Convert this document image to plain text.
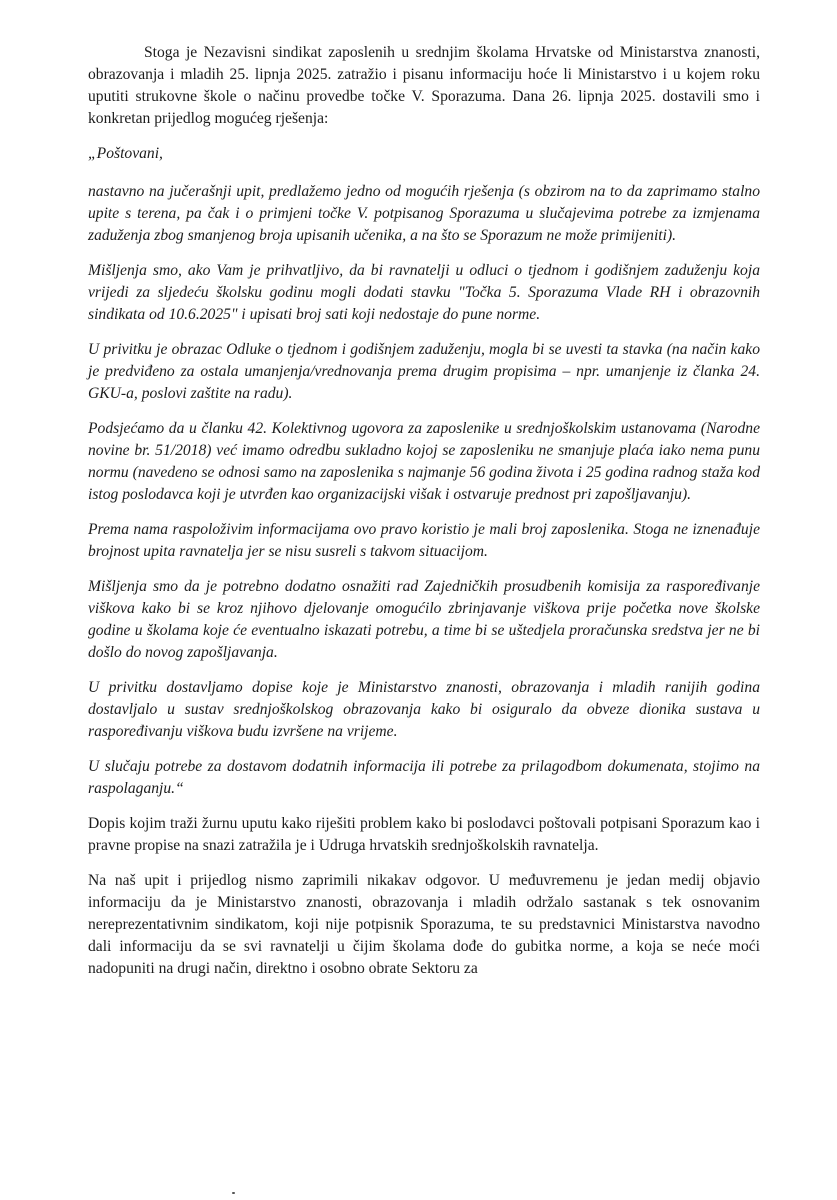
Stoga je Nezavisni sindikat zaposlenih u srednjim školama Hrvatske od Ministarstva znanosti, obrazovanja i mladih 25. lipnja 2025. zatražio i pisanu informaciju hoće li Ministarstvo i u kojem roku uputiti strukovne škole o načinu provedbe točke V. Sporazuma. Dana 26. lipnja 2025. dostavili smo i konkretan prijedlog mogućeg rješenja:

„Poštovani,

nastavno na jučerašnji upit, predlažemo jedno od mogućih rješenja (s obzirom na to da zaprimamo stalno upite s terena, pa čak i o primjeni točke V. potpisanog Sporazuma u slučajevima potrebe za izmjenama zaduženja zbog smanjenog broja upisanih učenika, a na što se Sporazum ne može primijeniti).

Mišljenja smo, ako Vam je prihvatljivo, da bi ravnatelji u odluci o tjednom i godišnjem zaduženju koja vrijedi za sljedeću školsku godinu mogli dodati stavku "Točka 5. Sporazuma Vlade RH i obrazovnih sindikata od 10.6.2025" i upisati broj sati koji nedostaje do pune norme.

U privitku je obrazac Odluke o tjednom i godišnjem zaduženju, mogla bi se uvesti ta stavka (na način kako je predviđeno za ostala umanjenja/vrednovanja prema drugim propisima – npr. umanjenje iz članka 24. GKU-a, poslovi zaštite na radu).

Podsjećamo da u članku 42. Kolektivnog ugovora za zaposlenike u srednjoškolskim ustanovama (Narodne novine br. 51/2018) već imamo odredbu sukladno kojoj se zaposleniku ne smanjuje plaća iako nema punu normu (navedeno se odnosi samo na zaposlenika s najmanje 56 godina života i 25 godina radnog staža kod istog poslodavca koji je utvrđen kao organizacijski višak i ostvaruje prednost pri zapošljavanju).

Prema nama raspoloživim informacijama ovo pravo koristio je mali broj zaposlenika. Stoga ne iznenađuje brojnost upita ravnatelja jer se nisu susreli s takvom situacijom.

Mišljenja smo da je potrebno dodatno osnažiti rad Zajedničkih prosudbenih komisija za raspoređivanje viškova kako bi se kroz njihovo djelovanje omogućilo zbrinjavanje viškova prije početka nove školske godine u školama koje će eventualno iskazati potrebu, a time bi se uštedjela proračunska sredstva jer ne bi došlo do novog zapošljavanja.

U privitku dostavljamo dopise koje je Ministarstvo znanosti, obrazovanja i mladih ranijih godina dostavljalo u sustav srednjoškolskog obrazovanja kako bi osiguralo da obveze dionika sustava u raspoređivanju viškova budu izvršene na vrijeme.

U slučaju potrebe za dostavom dodatnih informacija ili potrebe za prilagodbom dokumenata, stojimo na raspolaganju.“

Dopis kojim traži žurnu uputu kako riješiti problem kako bi poslodavci poštovali potpisani Sporazum kao i pravne propise na snazi zatražila je i Udruga hrvatskih srednjoškolskih ravnatelja.

Na naš upit i prijedlog nismo zaprimili nikakav odgovor. U međuvremenu je jedan medij objavio informaciju da je Ministarstvo znanosti, obrazovanja i mladih održalo sastanak s tek osnovanim nereprezentativnim sindikatom, koji nije potpisnik Sporazuma, te su predstavnici Ministarstva navodno dali informaciju da se svi ravnatelji u čijim školama dođe do gubitka norme, a koja se neće moći nadopuniti na drugi način, direktno i osobno obrate Sektoru za
